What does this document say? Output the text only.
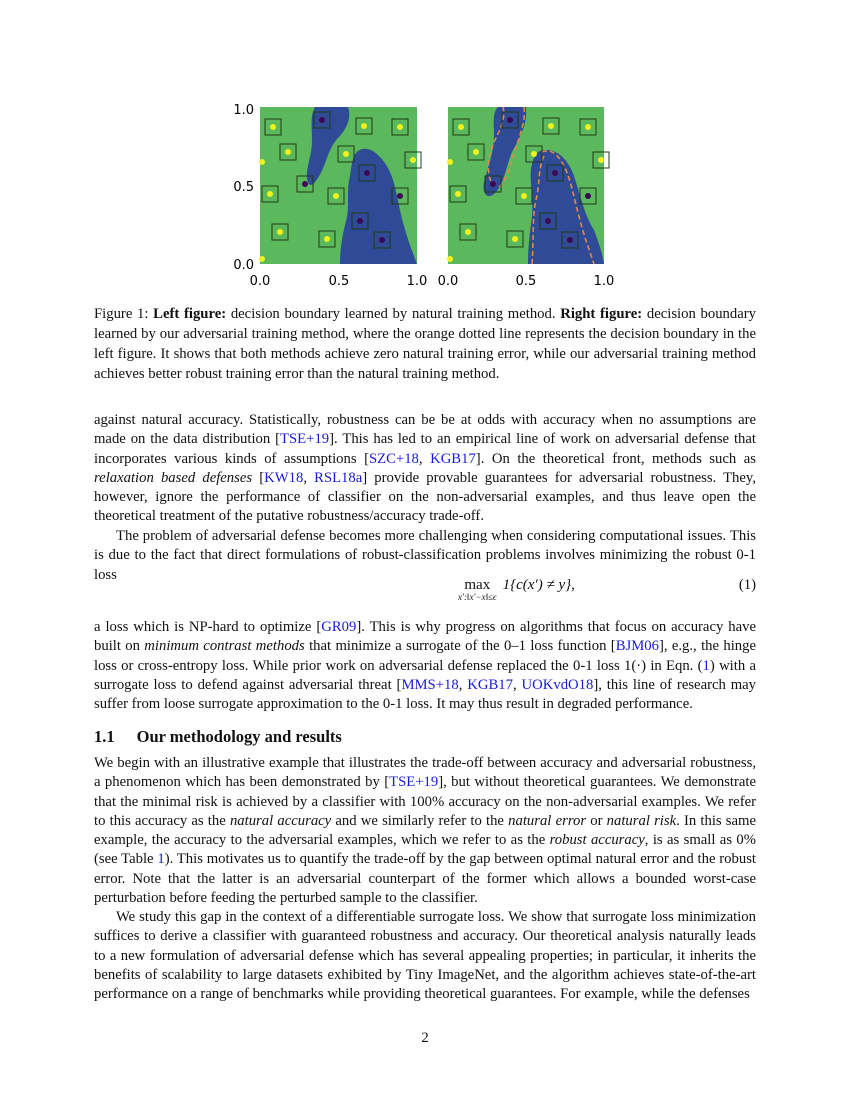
1.0
0.5
0.0
0.0	0.5	1.0 0.0	0.5	1.0
Figure 1: Left figure: decision boundary learned by natural training method. Right figure: decision boundary learned by our adversarial training method, where the orange dotted line represents the decision boundary in the left figure. It shows that both methods achieve zero natural training error, while our adversarial training method achieves better robust training error than the natural training method.
against natural accuracy. Statistically, robustness can be be at odds with accuracy when no assumptions are made on the data distribution [TSE+19]. This has led to an empirical line of work on adversarial defense that incorporates various kinds of assumptions [SZC+18, KGB17]. On the theoretical front, methods such as relaxation based defenses [KW18, RSL18a] provide provable guarantees for adversarial robustness. They, however, ignore the performance of classifier on the non-adversarial examples, and thus leave open the theoretical treatment of the putative robustness/accuracy trade-off.
The problem of adversarial defense becomes more challenging when considering computational issues. This is due to the fact that direct formulations of robust-classification problems involves minimizing the robust 0-1 loss
max
x′:‖x′−x‖≤ϵ
1{c(x′) ≠ y},	(1)
a loss which is NP-hard to optimize [GR09]. This is why progress on algorithms that focus on accuracy have built on minimum contrast methods that minimize a surrogate of the 0–1 loss function [BJM06], e.g., the hinge loss or cross-entropy loss. While prior work on adversarial defense replaced the 0-1 loss 1(·) in Eqn. (1) with a surrogate loss to defend against adversarial threat [MMS+18, KGB17, UOKvdO18], this line of research may suffer from loose surrogate approximation to the 0-1 loss. It may thus result in degraded performance.
1.1 Our methodology and results
We begin with an illustrative example that illustrates the trade-off between accuracy and adversarial robustness, a phenomenon which has been demonstrated by [TSE+19], but without theoretical guarantees. We demonstrate that the minimal risk is achieved by a classifier with 100% accuracy on the non-adversarial examples. We refer to this accuracy as the natural accuracy and we similarly refer to the natural error or natural risk. In this same example, the accuracy to the adversarial examples, which we refer to as the robust accuracy, is as small as 0% (see Table 1). This motivates us to quantify the trade-off by the gap between optimal natural error and the robust error. Note that the latter is an adversarial counterpart of the former which allows a bounded worst-case perturbation before feeding the perturbed sample to the classifier.
We study this gap in the context of a differentiable surrogate loss. We show that surrogate loss minimization suffices to derive a classifier with guaranteed robustness and accuracy. Our theoretical analysis naturally leads to a new formulation of adversarial defense which has several appealing properties; in particular, it inherits the benefits of scalability to large datasets exhibited by Tiny ImageNet, and the algorithm achieves state-of-the-art performance on a range of benchmarks while providing theoretical guarantees. For example, while the defenses
2
